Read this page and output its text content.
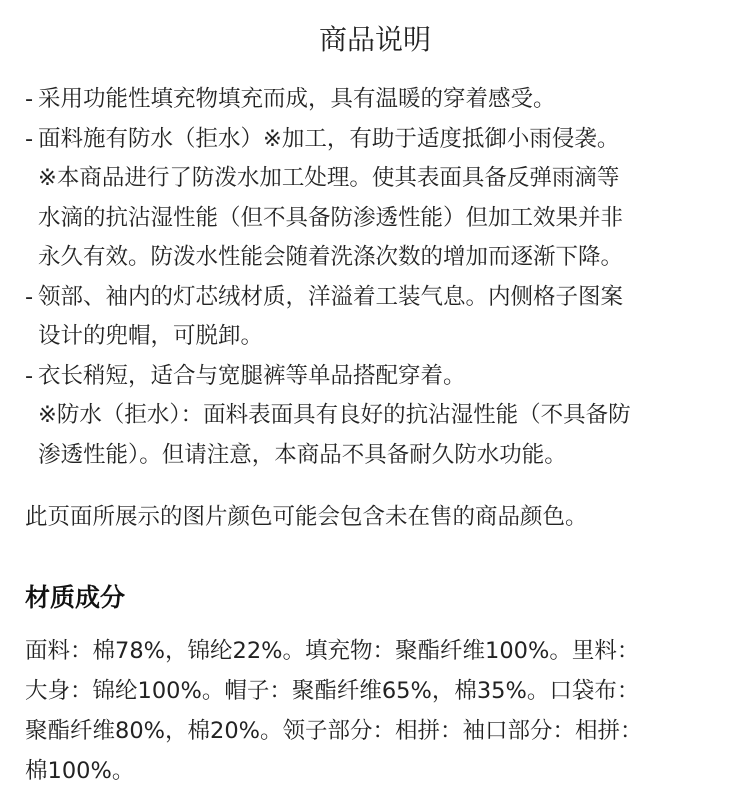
商品说明
- 采用功能性填充物填充而成，具有温暖的穿着感受。
- 面料施有防水（拒水）※加工，有助于适度抵御小雨侵袭。
※本商品进行了防泼水加工处理。使其表面具备反弹雨滴等
水滴的抗沾湿性能（但不具备防渗透性能）但加工效果并非
永久有效。防泼水性能会随着洗涤次数的增加而逐渐下降。
- 领部、袖内的灯芯绒材质，洋溢着工装气息。内侧格子图案
设计的兜帽，可脱卸。
- 衣长稍短，适合与宽腿裤等单品搭配穿着。
※防水（拒水）：面料表面具有良好的抗沾湿性能（不具备防
渗透性能）。但请注意，本商品不具备耐久防水功能。
此页面所展示的图片颜色可能会包含未在售的商品颜色。
材质成分
面料：棉78%，锦纶22%。填充物：聚酯纤维100%。里料：
大身：锦纶100%。帽子：聚酯纤维65%，棉35%。口袋布：
聚酯纤维80%，棉20%。领子部分：相拼：袖口部分：相拼：
棉100%。
